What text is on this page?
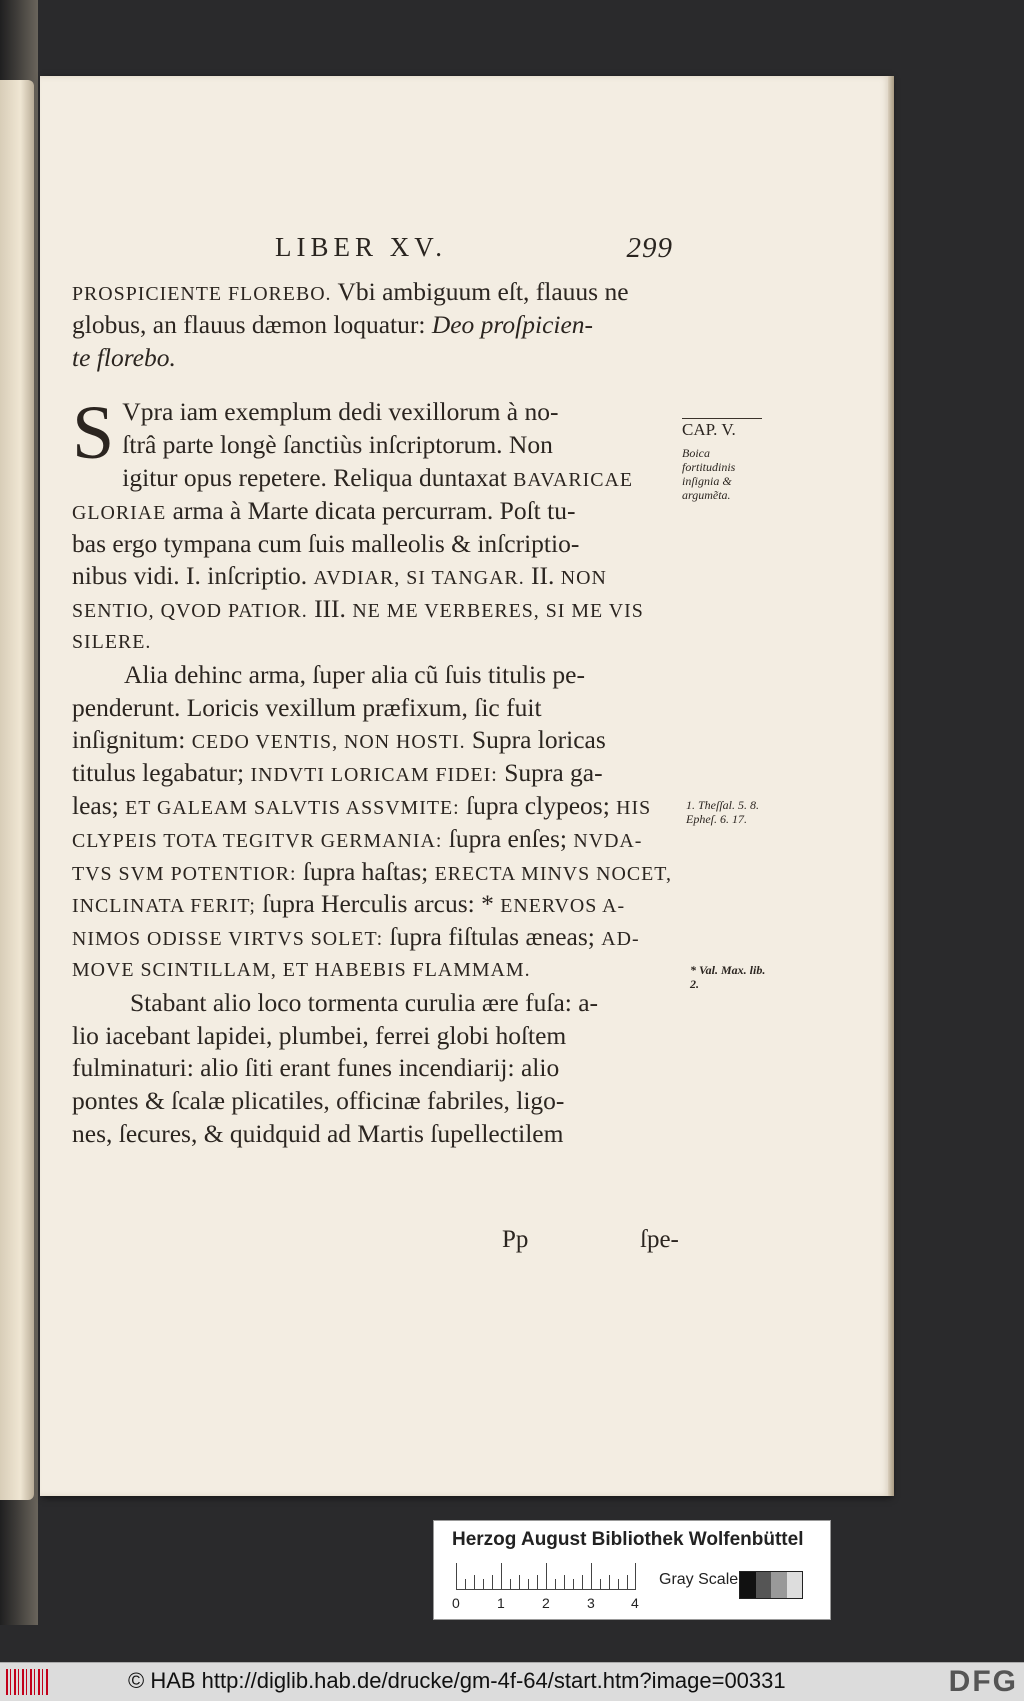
LIBER XV.	299
PROSPICIENTE FLOREBO. Vbi ambiguum eſt, flauus ne
globus, an flauus dæmon loquatur: Deo proſpicien-
te florebo.
S Vpra iam exemplum dedi vexillorum à no-
ſtrâ parte longè ſanctiùs inſcriptorum. Non
igitur opus repetere. Reliqua duntaxat BAVARICAE
GLORIAE arma à Marte dicata percurram. Poſt tu-
bas ergo tympana cum ſuis malleolis & inſcriptio-
nibus vidi. I. inſcriptio. AVDIAR, SI TANGAR. II. NON
SENTIO, QVOD PATIOR. III. NE ME VERBERES, SI ME VIS
SILERE.
Alia dehinc arma, ſuper alia cũ ſuis titulis pe-
penderunt. Loricis vexillum præfixum, ſic fuit
inſignitum: CEDO VENTIS, NON HOSTI. Supra loricas
titulus legabatur; INDVTI LORICAM FIDEI: Supra ga-
leas; ET GALEAM SALVTIS ASSVMITE: ſupra clypeos; HIS
CLYPEIS TOTA TEGITVR GERMANIA: ſupra enſes; NVDA-
TVS SVM POTENTIOR: ſupra haſtas; ERECTA MINVS NOCET,
INCLINATA FERIT; ſupra Herculis arcus: * ENERVOS A-
NIMOS ODISSE VIRTVS SOLET: ſupra fiſtulas æneas; AD-
MOVE SCINTILLAM, ET HABEBIS FLAMMAM.
Stabant alio loco tormenta curulia ære fuſa: a-
lio iacebant lapidei, plumbei, ferrei globi hoſtem
fulminaturi: alio ſiti erant funes incendiarij: alio
pontes & ſcalæ plicatiles, officinæ fabriles, ligo-
nes, ſecures, & quidquid ad Martis ſupellectilem
Pp	ſpe-
CAP. V.
Boica fortitudinis inſignia & argumẽta.
1. Theſſal. 5. 8. Epheſ. 6. 17.
* Val. Max. lib. 2.
Herzog August Bibliothek Wolfenbüttel
0	1	2	3	4
Gray Scale
© HAB http://diglib.hab.de/drucke/gm-4f-64/start.htm?image=00331	DFG
